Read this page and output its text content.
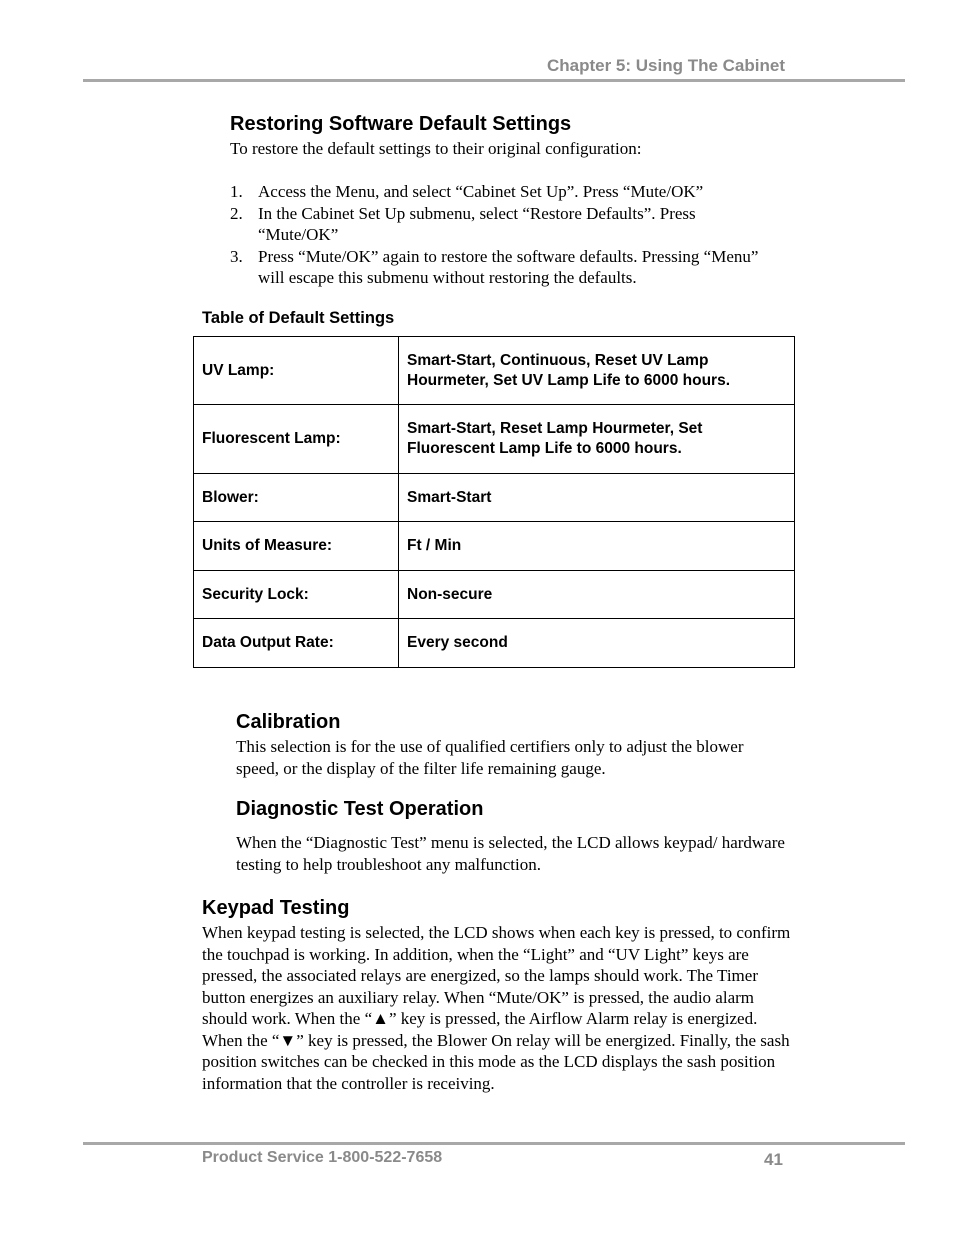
Chapter 5: Using The Cabinet
Restoring Software Default Settings
To restore the default settings to their original configuration:
1. Access the Menu, and select “Cabinet Set Up”. Press “Mute/OK”
2. In the Cabinet Set Up submenu, select “Restore Defaults”. Press “Mute/OK”
3. Press “Mute/OK” again to restore the software defaults. Pressing “Menu” will escape this submenu without restoring the defaults.
Table of Default Settings
UV Lamp:	Smart-Start, Continuous, Reset UV Lamp Hourmeter, Set UV Lamp Life to 6000 hours.
Fluorescent Lamp:	Smart-Start, Reset Lamp Hourmeter, Set Fluorescent Lamp Life to 6000 hours.
Blower:	Smart-Start
Units of Measure:	Ft / Min
Security Lock:	Non-secure
Data Output Rate:	Every second
Calibration
This selection is for the use of qualified certifiers only to adjust the blower speed, or the display of the filter life remaining gauge.
Diagnostic Test Operation
When the “Diagnostic Test” menu is selected, the LCD allows keypad/ hardware testing to help troubleshoot any malfunction.
Keypad Testing
When keypad testing is selected, the LCD shows when each key is pressed, to confirm the touchpad is working. In addition, when the “Light” and “UV Light” keys are pressed, the associated relays are energized, so the lamps should work. The Timer button energizes an auxiliary relay. When “Mute/OK” is pressed, the audio alarm should work. When the “▲” key is pressed, the Airflow Alarm relay is energized. When the “▼” key is pressed, the Blower On relay will be energized. Finally, the sash position switches can be checked in this mode as the LCD displays the sash position information that the controller is receiving.
Product Service 1-800-522-7658	41
